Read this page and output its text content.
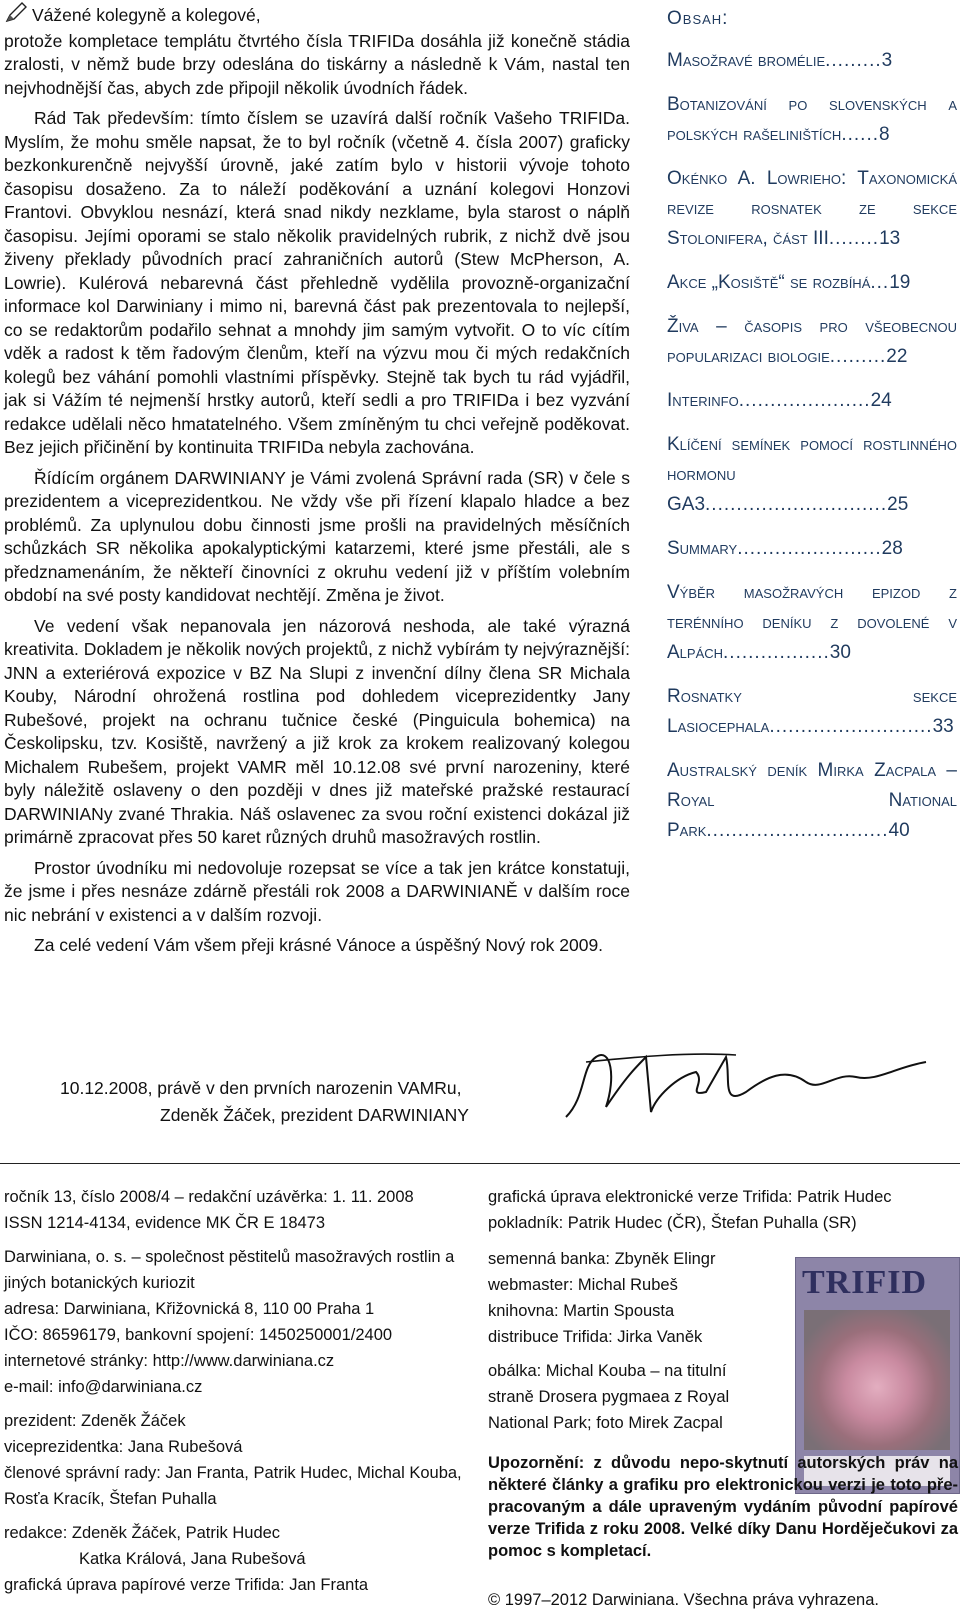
Vážené kolegyně a kolegové,

protože kompletace templátu čtvrtého čísla TRIFIDa dosáhla již konečně stádia zralosti, v němž bude brzy odeslána do tiskárny a následně k Vám, nastal ten nejvhodnější čas, abych zde připojil několik úvodních řádek.

Rád Tak především: tímto číslem se uzavírá další ročník Vašeho TRIFIDa. Myslím, že mohu směle napsat, že to byl ročník (včetně 4. čísla 2007) graficky bezkonkurenčně nejvyšší úrovně, jaké zatím bylo v historii vývoje tohoto časopisu dosaženo. Za to náleží poděkování a uznání kolegovi Honzovi Frantovi. Obvyklou nesnází, která snad nikdy nezklame, byla starost o náplň časopisu. Jejími oporami se stalo několik pravidelných rubrik, z nichž dvě jsou živeny překlady původních prací zahraničních autorů (Stew McPherson, A. Lowrie). Kulérová nebarevná část přehledně vydělila provozně-organizační informace kol Darwiniany i mimo ni, barevná část pak prezentovala to nejlepší, co se redaktorům podařilo sehnat a mnohdy jim samým vytvořit. O to víc cítím vděk a radost k těm řadovým členům, kteří na výzvu mou či mých redakčních kolegů bez váhání pomohli vlastními příspěvky. Stejně tak bych tu rád vyjádřil, jak si Vážím té nejmenší hrstky autorů, kteří sedli a pro TRIFIDa i bez vyzvání redakce udělali něco hmatatelného. Všem zmíněným tu chci veřejně poděkovat. Bez jejich přičinění by kontinuita TRIFIDa nebyla zachována.

Řídícím orgánem DARWINIANY je Vámi zvolená Správní rada (SR) v čele s prezidentem a viceprezidentkou. Ne vždy vše při řízení klapalo hladce a bez problémů. Za uplynulou dobu činnosti jsme prošli na pravidelných měsíčních schůzkách SR několika apokalyptickými katarzemi, které jsme přestáli, ale s předznamenáním, že někteří činovníci z okruhu vedení již v příštím volebním období na své posty kandidovat nechtějí. Změna je život.

Ve vedení však nepanovala jen názorová neshoda, ale také výrazná kreativita. Dokladem je několik nových projektů, z nichž vybírám ty nejvýraznější: JNN a exteriérová expozice v BZ Na Slupi z invenční dílny člena SR Michala Kouby, Národní ohrožená rostlina pod dohledem viceprezidentky Jany Rubešové, projekt na ochranu tučnice české (Pinguicula bohemica) na Českolipsku, tzv. Kosiště, navržený a již krok za krokem realizovaný kolegou Michalem Rubešem, projekt VAMR měl 10.12.08 své první narozeniny, které byly náležitě oslaveny o den později v dnes již mateřské pražské restaurací DARWINIANy zvané Thrakia. Náš oslavenec za svou roční existenci dokázal již primárně zpracovat přes 50 karet různých druhů masožravých rostlin.

Prostor úvodníku mi nedovoluje rozepsat se více a tak jen krátce konstatuji, že jsme i přes nesnáze zdárně přestáli rok 2008 a DARWINIANĚ v dalším roce nic nebrání v existenci a v dalším rozvoji.

Za celé vedení Vám všem přeji krásné Vánoce a úspěšný Nový rok 2009.

10.12.2008, právě v den prvních narozenin VAMRu,
Zdeněk Žáček, prezident DARWINIANY
Obsah:
Masožravé bromélie.........3
Botanizování po slovenských a polských rašeliništích......8
Okénko A. Lowrieho: Taxonomická revize rosnatek ze sekce Stolonifera, část III........13
Akce „Kosiště“ se rozbíhá...19
Živa – časopis pro všeobecnou popularizaci biologie.........22
Interinfo.....................24
Klíčení semínek pomocí rostlinného hormonu GA3.............................25
Summary.......................28
Výběr masožravých epizod z terénního deníku z dovolené v Alpách.................30
Rosnatky sekce Lasiocephala..........................33
Australský deník Mirka Zacpala – Royal National Park.............................40
ročník 13, číslo 2008/4 – redakční uzávěrka: 1. 11. 2008
ISSN 1214-4134, evidence MK ČR E 18473
Darwiniana, o. s. – společnost pěstitelů masožravých rostlin a jiných botanických kuriozit
adresa: Darwiniana, Křižovnická 8, 110 00 Praha 1
IČO: 86596179, bankovní spojení: 1450250001/2400
internetové stránky: http://www.darwiniana.cz
e-mail: info@darwiniana.cz
prezident: Zdeněk Žáček
viceprezidentka: Jana Rubešová
členové správní rady: Jan Franta, Patrik Hudec, Michal Kouba, Rosťa Kracík, Štefan Puhalla
redakce: Zdeněk Žáček, Patrik Hudec
Katka Králová, Jana Rubešová
grafická úprava papírové verze Trifida: Jan Franta
grafická úprava elektronické verze Trifida: Patrik Hudec
pokladník: Patrik Hudec (ČR), Štefan Puhalla (SR)
semenná banka: Zbyněk Elingr
webmaster: Michal Rubeš
knihovna: Martin Spousta
distribuce Trifida: Jirka Vaněk
obálka: Michal Kouba – na titulní straně Drosera pygmaea z Royal National Park; foto Mirek Zacpal
TRIFID
Upozornění: z důvodu nepo-skytnutí autorských práv na některé články a grafiku pro elektronickou verzi je toto pře-pracovaným a dále upraveným vydáním původní papírové verze Trifida z roku 2008. Velké díky Danu Horděječukovi za pomoc s kompletací.
© 1997–2012 Darwiniana. Všechna práva vyhrazena.
